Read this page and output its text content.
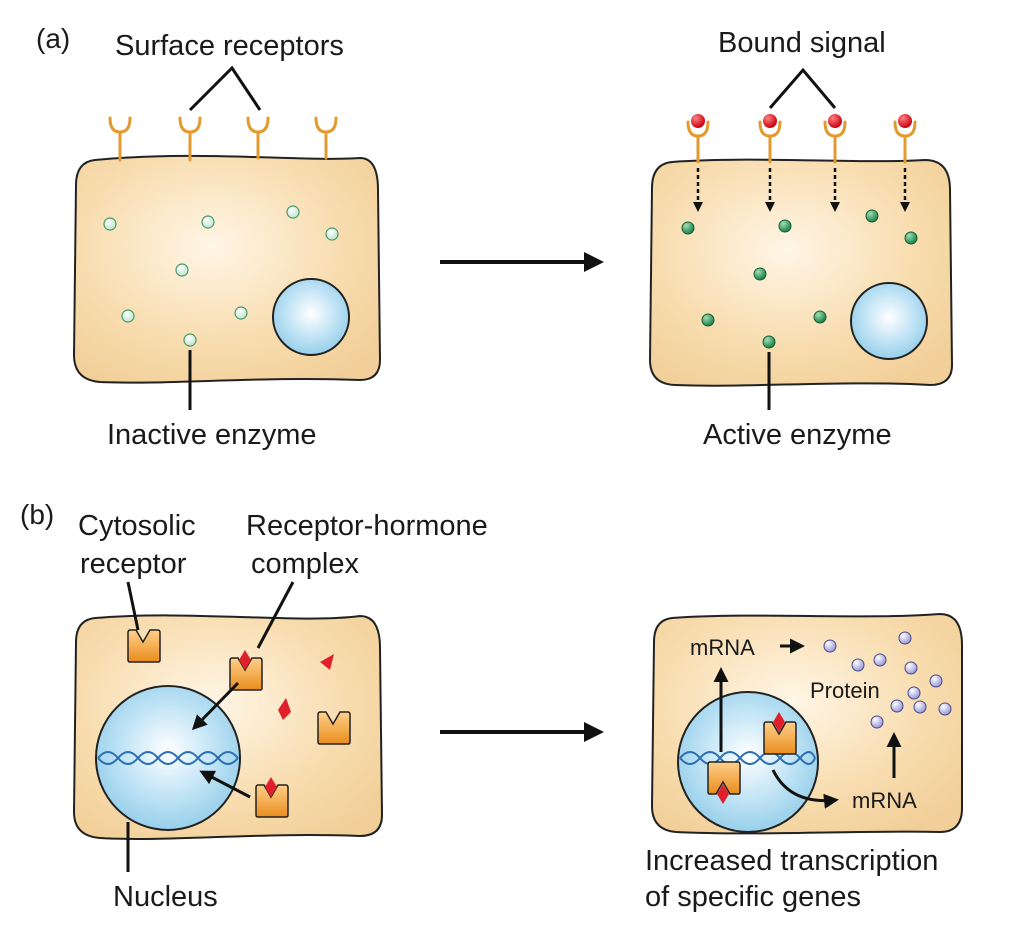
(a) Surface receptors
Inactive enzyme
Bound signal
Active enzyme
(b) Cytosolic
receptor
Receptor-hormone
complex
Nucleus
mRNA
mRNA
Protein
Increased transcription
of specific genes
